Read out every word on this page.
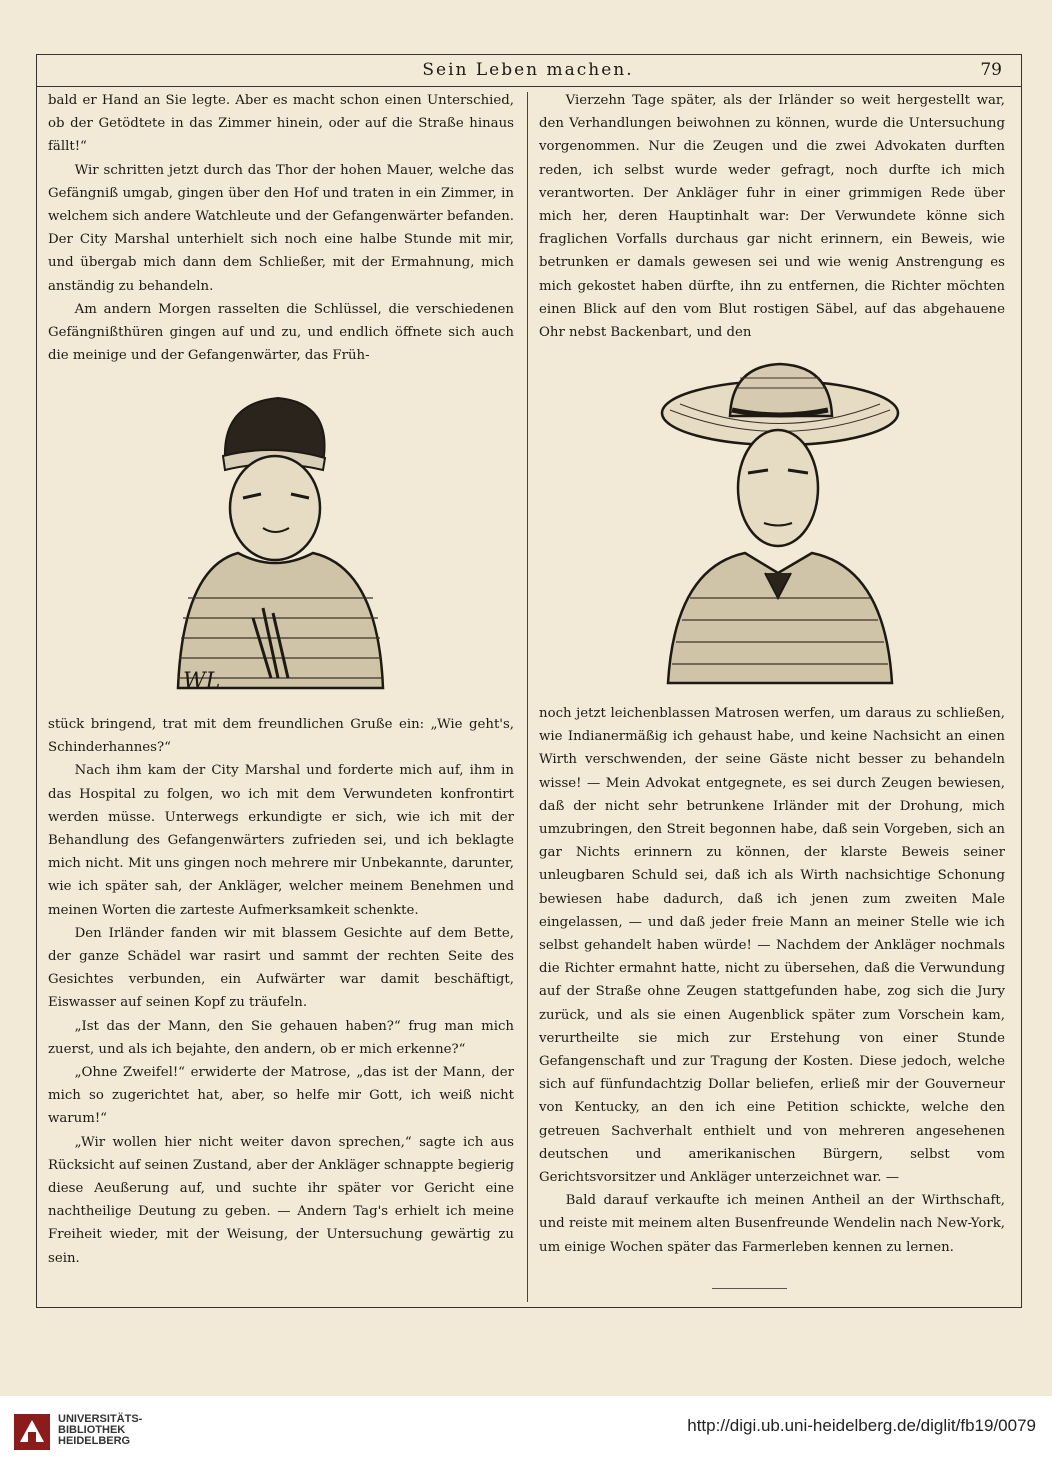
Sein Leben machen.	79

bald er Hand an Sie legte. Aber es macht schon einen Unterschied, ob der Getödtete in das Zimmer hinein, oder auf die Straße hinaus fällt!“

Wir schritten jetzt durch das Thor der hohen Mauer, welche das Gefängniß umgab, gingen über den Hof und traten in ein Zimmer, in welchem sich andere Watchleute und der Gefangenwärter befanden. Der City Marshal unterhielt sich noch eine halbe Stunde mit mir, und übergab mich dann dem Schließer, mit der Ermahnung, mich anständig zu behandeln.

Am andern Morgen rasselten die Schlüssel, die verschiedenen Gefängnißthüren gingen auf und zu, und endlich öffnete sich auch die meinige und der Gefangenwärter, das Früh-

WL

stück bringend, trat mit dem freundlichen Gruße ein: „Wie geht's, Schinderhannes?“

Nach ihm kam der City Marshal und forderte mich auf, ihm in das Hospital zu folgen, wo ich mit dem Verwundeten konfrontirt werden müsse. Unterwegs erkundigte er sich, wie ich mit der Behandlung des Gefangenwärters zufrieden sei, und ich beklagte mich nicht. Mit uns gingen noch mehrere mir Unbekannte, darunter, wie ich später sah, der Ankläger, welcher meinem Benehmen und meinen Worten die zarteste Aufmerksamkeit schenkte.

Den Irländer fanden wir mit blassem Gesichte auf dem Bette, der ganze Schädel war rasirt und sammt der rechten Seite des Gesichtes verbunden, ein Aufwärter war damit beschäftigt, Eiswasser auf seinen Kopf zu träufeln.

„Ist das der Mann, den Sie gehauen haben?“ frug man mich zuerst, und als ich bejahte, den andern, ob er mich erkenne?“

„Ohne Zweifel!“ erwiderte der Matrose, „das ist der Mann, der mich so zugerichtet hat, aber, so helfe mir Gott, ich weiß nicht warum!“

„Wir wollen hier nicht weiter davon sprechen,“ sagte ich aus Rücksicht auf seinen Zustand, aber der Ankläger schnappte begierig diese Aeußerung auf, und suchte ihr später vor Gericht eine nachtheilige Deutung zu geben. — Andern Tag's erhielt ich meine Freiheit wieder, mit der Weisung, der Untersuchung gewärtig zu sein.

Vierzehn Tage später, als der Irländer so weit hergestellt war, den Verhandlungen beiwohnen zu können, wurde die Untersuchung vorgenommen. Nur die Zeugen und die zwei Advokaten durften reden, ich selbst wurde weder gefragt, noch durfte ich mich verantworten. Der Ankläger fuhr in einer grimmigen Rede über mich her, deren Hauptinhalt war: Der Verwundete könne sich fraglichen Vorfalls durchaus gar nicht erinnern, ein Beweis, wie betrunken er damals gewesen sei und wie wenig Anstrengung es mich gekostet haben dürfte, ihn zu entfernen, die Richter möchten einen Blick auf den vom Blut rostigen Säbel, auf das abgehauene Ohr nebst Backenbart, und den

noch jetzt leichenblassen Matrosen werfen, um daraus zu schließen, wie Indianermäßig ich gehaust habe, und keine Nachsicht an einen Wirth verschwenden, der seine Gäste nicht besser zu behandeln wisse! — Mein Advokat entgegnete, es sei durch Zeugen bewiesen, daß der nicht sehr betrunkene Irländer mit der Drohung, mich umzubringen, den Streit begonnen habe, daß sein Vorgeben, sich an gar Nichts erinnern zu können, der klarste Beweis seiner unleugbaren Schuld sei, daß ich als Wirth nachsichtige Schonung bewiesen habe dadurch, daß ich jenen zum zweiten Male eingelassen, — und daß jeder freie Mann an meiner Stelle wie ich selbst gehandelt haben würde! — Nachdem der Ankläger nochmals die Richter ermahnt hatte, nicht zu übersehen, daß die Verwundung auf der Straße ohne Zeugen stattgefunden habe, zog sich die Jury zurück, und als sie einen Augenblick später zum Vorschein kam, verurtheilte sie mich zur Erstehung von einer Stunde Gefangenschaft und zur Tragung der Kosten. Diese jedoch, welche sich auf fünfundachtzig Dollar beliefen, erließ mir der Gouverneur von Kentucky, an den ich eine Petition schickte, welche den getreuen Sachverhalt enthielt und von mehreren angesehenen deutschen und amerikanischen Bürgern, selbst vom Gerichtsvorsitzer und Ankläger unterzeichnet war. —

Bald darauf verkaufte ich meinen Antheil an der Wirthschaft, und reiste mit meinem alten Busenfreunde Wendelin nach New-York, um einige Wochen später das Farmerleben kennen zu lernen.

UNIVERSITÄTS-
BIBLIOTHEK
HEIDELBERG
http://digi.ub.uni-heidelberg.de/diglit/fb19/0079
